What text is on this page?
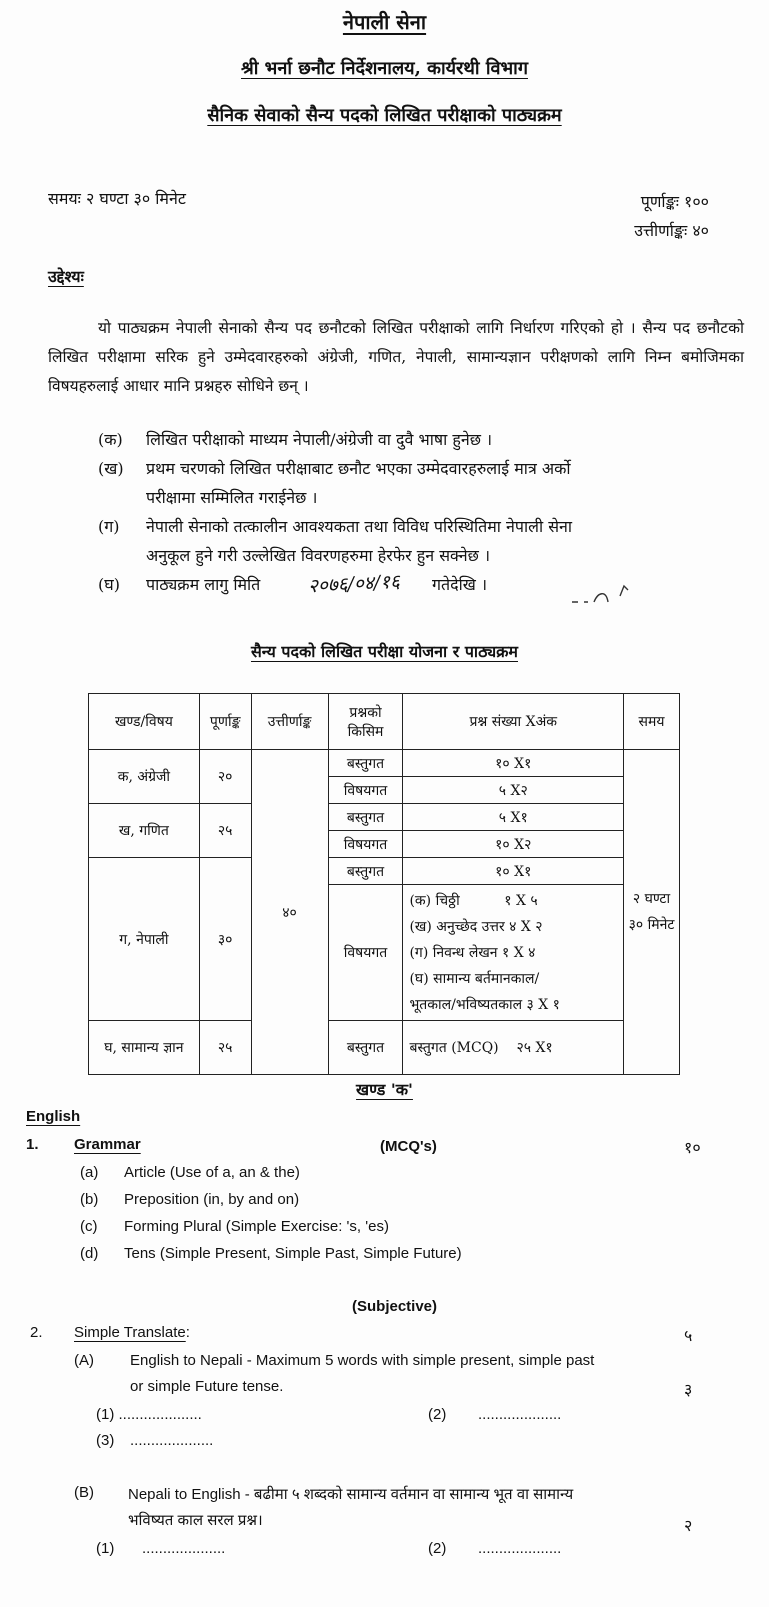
नेपाली सेना
श्री भर्ना छनौट निर्देशनालय, कार्यरथी विभाग
सैनिक सेवाको सैन्य पदको लिखित परीक्षाको पाठ्यक्रम
समयः २ घण्टा ३० मिनेट	पूर्णाङ्कः १००
उत्तीर्णाङ्कः ४०
उद्देश्यः

यो पाठ्यक्रम नेपाली सेनाको सैन्य पद छनौटको लिखित परीक्षाको लागि निर्धारण गरिएको हो । सैन्य पद छनौटको लिखित परीक्षामा सरिक हुने उम्मेदवारहरुको अंग्रेजी, गणित, नेपाली, सामान्यज्ञान परीक्षणको लागि निम्न बमोजिमका विषयहरुलाई आधार मानि प्रश्नहरु सोधिने छन् ।

(क) लिखित परीक्षाको माध्यम नेपाली/अंग्रेजी वा दुवै भाषा हुनेछ ।
(ख) प्रथम चरणको लिखित परीक्षाबाट छनौट भएका उम्मेदवारहरुलाई मात्र अर्को
परीक्षामा सम्मिलित गराईनेछ ।
(ग) नेपाली सेनाको तत्कालीन आवश्यकता तथा विविध परिस्थितिमा नेपाली सेना
अनुकूल हुने गरी उल्लेखित विवरणहरुमा हेरफेर हुन सक्नेछ ।
(घ) पाठ्यक्रम लागु मिति २०७६/०४/१६ गतेदेखि ।
सैन्य पदको लिखित परीक्षा योजना र पाठ्यक्रम
खण्ड/विषय	पूर्णाङ्क	उत्तीर्णाङ्क	प्रश्नको किसिम	प्रश्न संख्या Xअंक	समय
क, अंग्रेजी	२०	४०	बस्तुगत	१० X१	२ घण्टा ३० मिनेट
			विषयगत	५ X२	
ख, गणित	२५		बस्तुगत	५ X१	
			विषयगत	१० X२	
ग, नेपाली	३०		बस्तुगत	१० X१	
			विषयगत	(क) चिठ्ठी          १ X ५
(ख) अनुच्छेद उत्तर ४ X २
(ग) निवन्ध लेखन १ X ४
(घ) सामान्य बर्तमानकाल/
भूतकाल/भविष्यतकाल ३ X १	

घ, सामान्य ज्ञान	२५		बस्तुगत	बस्तुगत (MCQ)    २५ X१	
खण्ड 'क'
English
1. Grammar	(MCQ's)	१०
(a) Article (Use of a, an & the)
(b) Preposition (in, by and on)
(c) Forming Plural (Simple Exercise: 's, 'es)
(d) Tens (Simple Present, Simple Past, Simple Future)
(Subjective)
2. Simple Translate:	५
(A) English to Nepali - Maximum 5 words with simple present, simple past
or simple Future tense.	३
(1) ....................	(2) ....................
(3) ....................
(B) Nepali to English - बढीमा ५ शब्दको सामान्य वर्तमान वा सामान्य भूत वा सामान्य
भविष्यत काल सरल प्रश्न।	२
(1) ....................	(2) ....................
